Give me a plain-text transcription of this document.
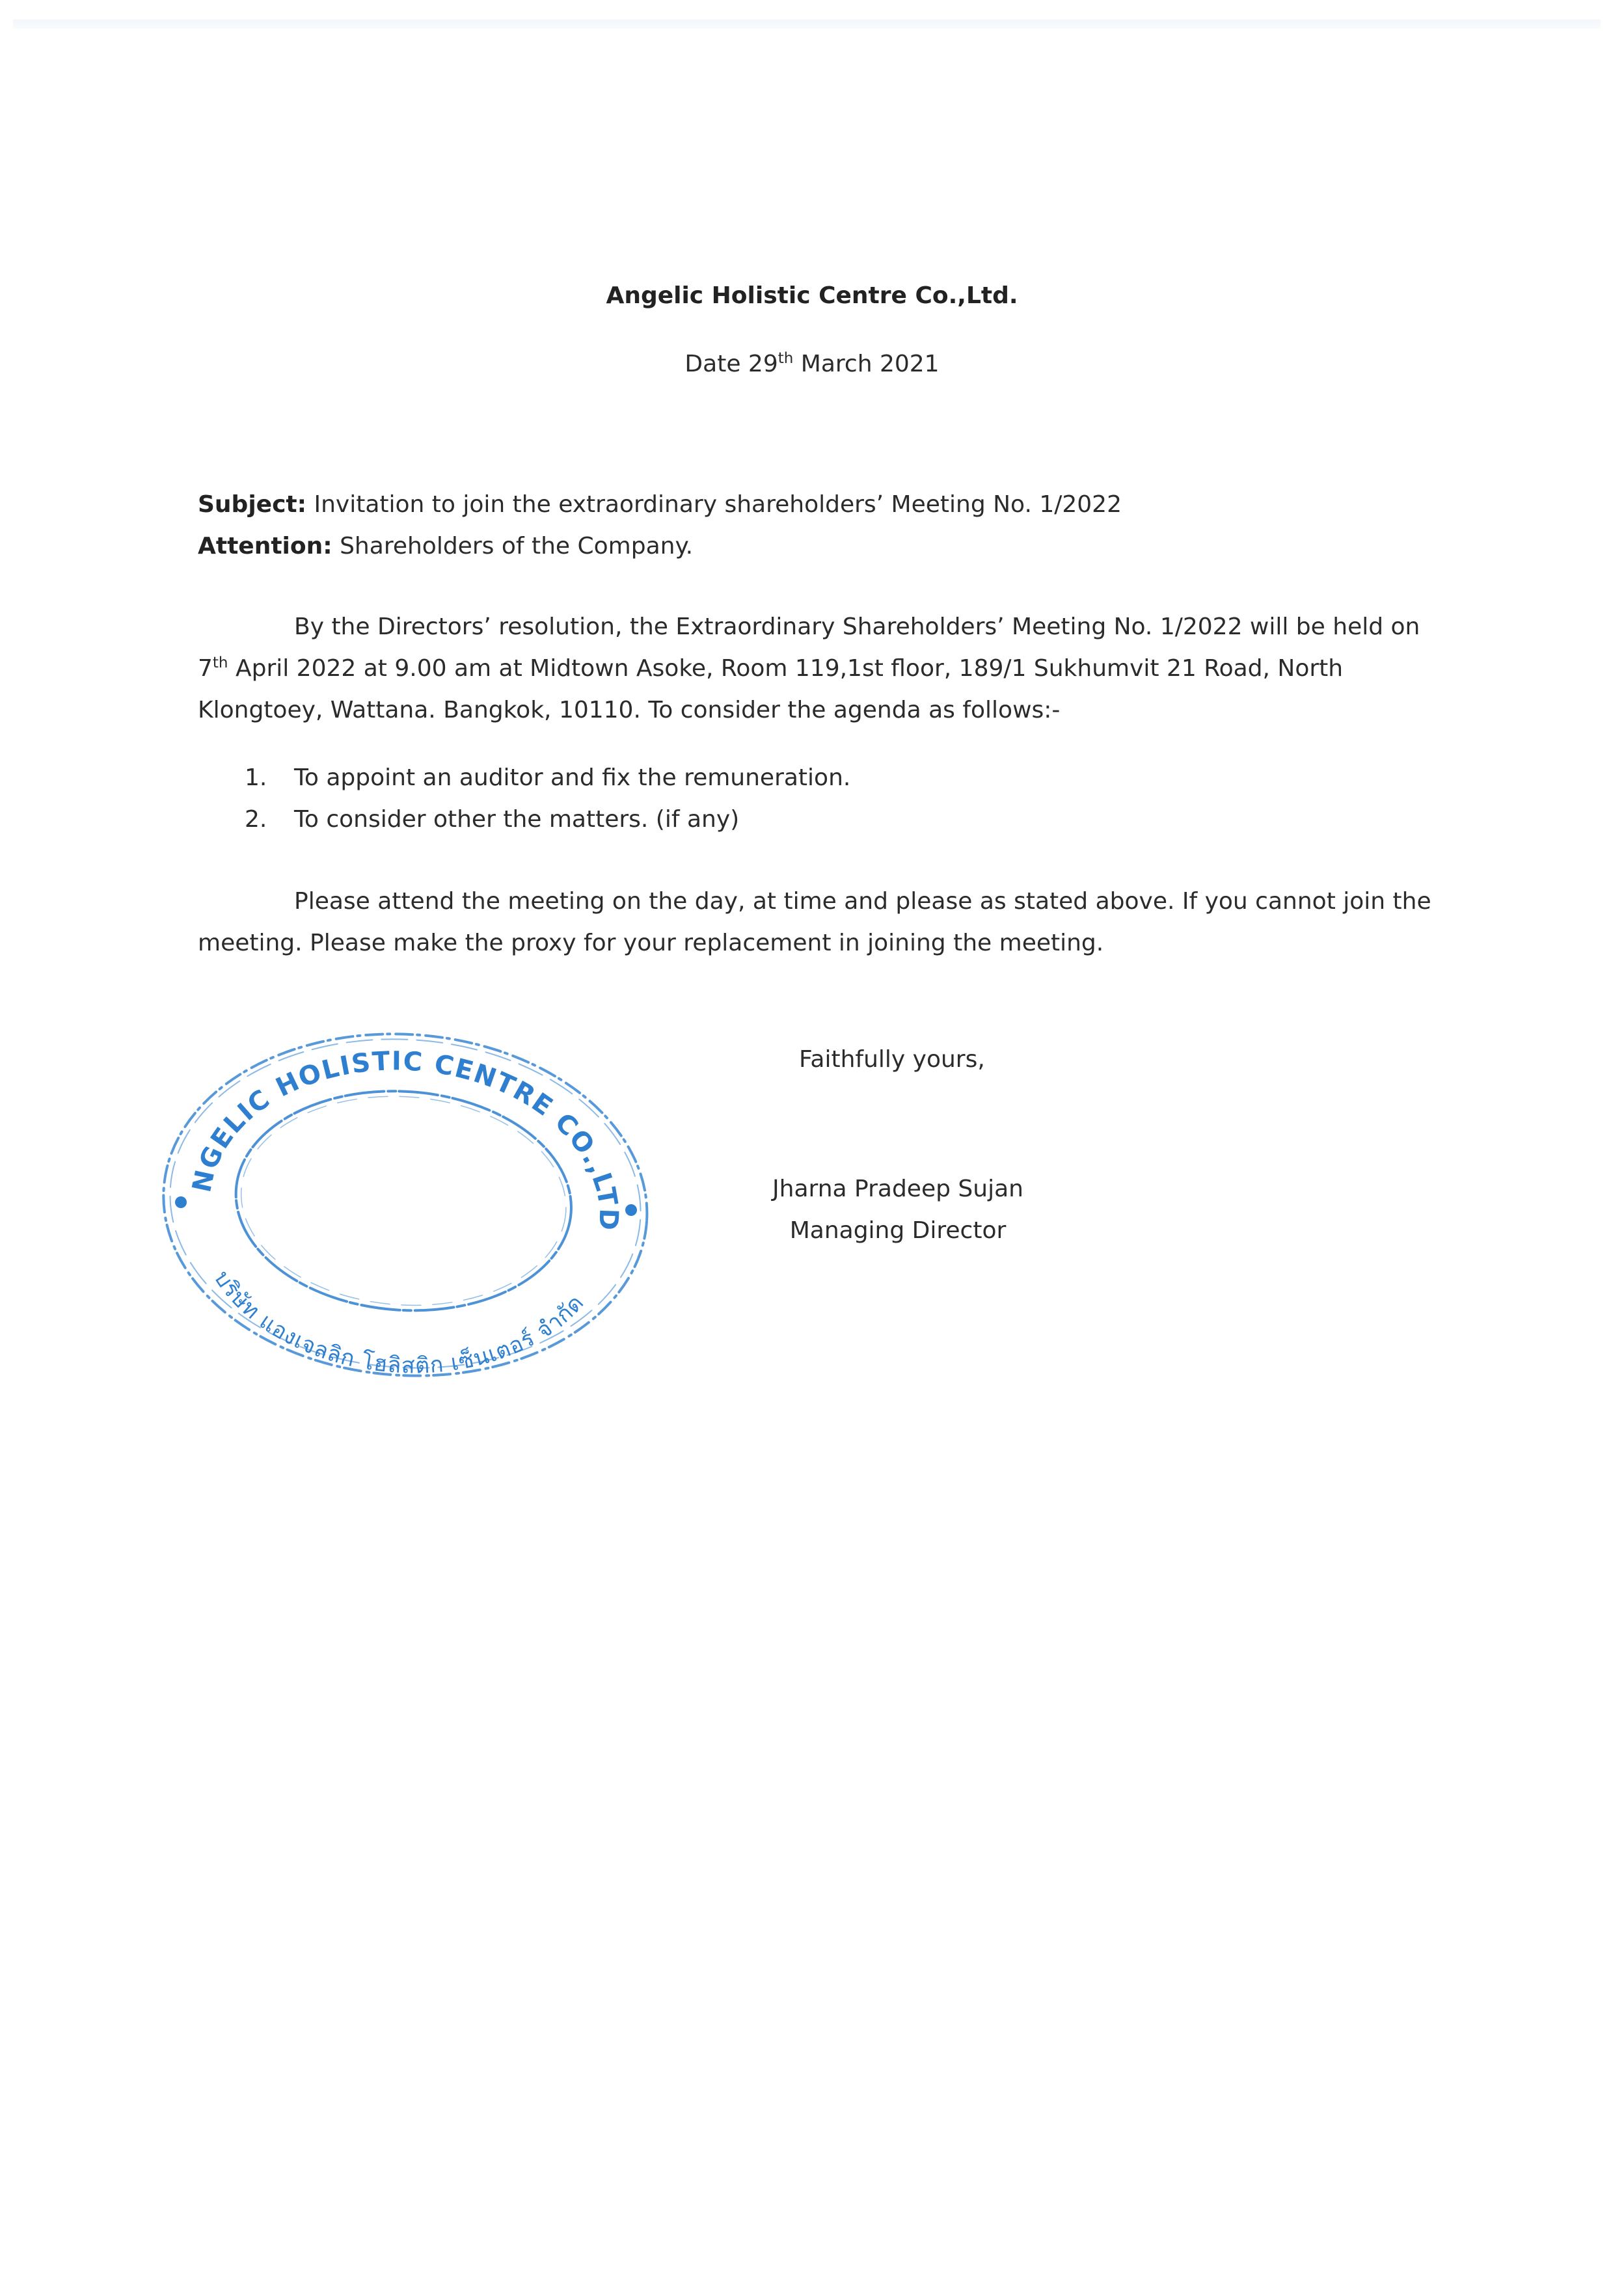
Angelic Holistic Centre Co.,Ltd.
Date 29th March 2021
Subject: Invitation to join the extraordinary shareholders’ Meeting No. 1/2022
Attention: Shareholders of the Company.

By the Directors’ resolution, the Extraordinary Shareholders’ Meeting No. 1/2022 will be held on

7th April 2022 at 9.00 am at Midtown Asoke, Room 119,1st floor, 189/1 Sukhumvit 21 Road, North

Klongtoey, Wattana. Bangkok, 10110. To consider the agenda as follows:-

1. To appoint an auditor and fix the remuneration.
2. To consider other the matters. (if any)

Please attend the meeting on the day, at time and please as stated above. If you cannot join the

meeting. Please make the proxy for your replacement in joining the meeting.

ANGELIC HOLISTIC CENTRE CO.,LTD.
บริษัท แองเจลลิก โฮลิสติก เซ็นเตอร์ จำกัด
Faithfully yours,
Jharna Pradeep Sujan
Managing Director
